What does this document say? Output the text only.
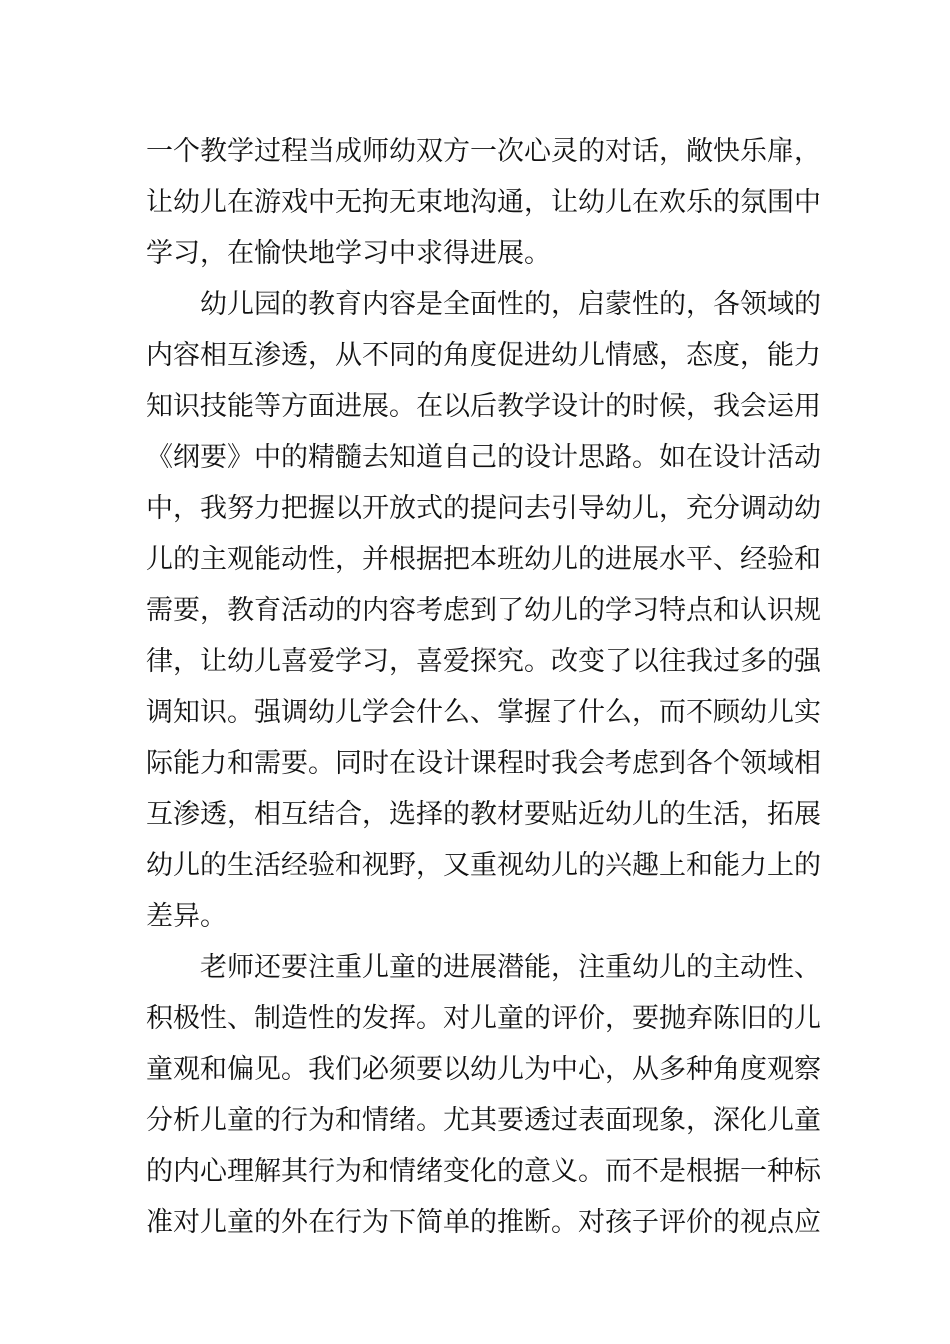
一个教学过程当成师幼双方一次心灵的对话，敞快乐扉，
让幼儿在游戏中无拘无束地沟通，让幼儿在欢乐的氛围中
学习，在愉快地学习中求得进展。
幼儿园的教育内容是全面性的，启蒙性的，各领域的
内容相互渗透，从不同的角度促进幼儿情感，态度，能力
知识技能等方面进展。在以后教学设计的时候，我会运用
《纲要》中的精髓去知道自己的设计思路。如在设计活动
中，我努力把握以开放式的提问去引导幼儿，充分调动幼
儿的主观能动性，并根据把本班幼儿的进展水平、经验和
需要，教育活动的内容考虑到了幼儿的学习特点和认识规
律，让幼儿喜爱学习，喜爱探究。改变了以往我过多的强
调知识。强调幼儿学会什么、掌握了什么，而不顾幼儿实
际能力和需要。同时在设计课程时我会考虑到各个领域相
互渗透，相互结合，选择的教材要贴近幼儿的生活，拓展
幼儿的生活经验和视野，又重视幼儿的兴趣上和能力上的
差异。
老师还要注重儿童的进展潜能，注重幼儿的主动性、
积极性、制造性的发挥。对儿童的评价，要抛弃陈旧的儿
童观和偏见。我们必须要以幼儿为中心，从多种角度观察
分析儿童的行为和情绪。尤其要透过表面现象，深化儿童
的内心理解其行为和情绪变化的意义。而不是根据一种标
准对儿童的外在行为下简单的推断。对孩子评价的视点应
